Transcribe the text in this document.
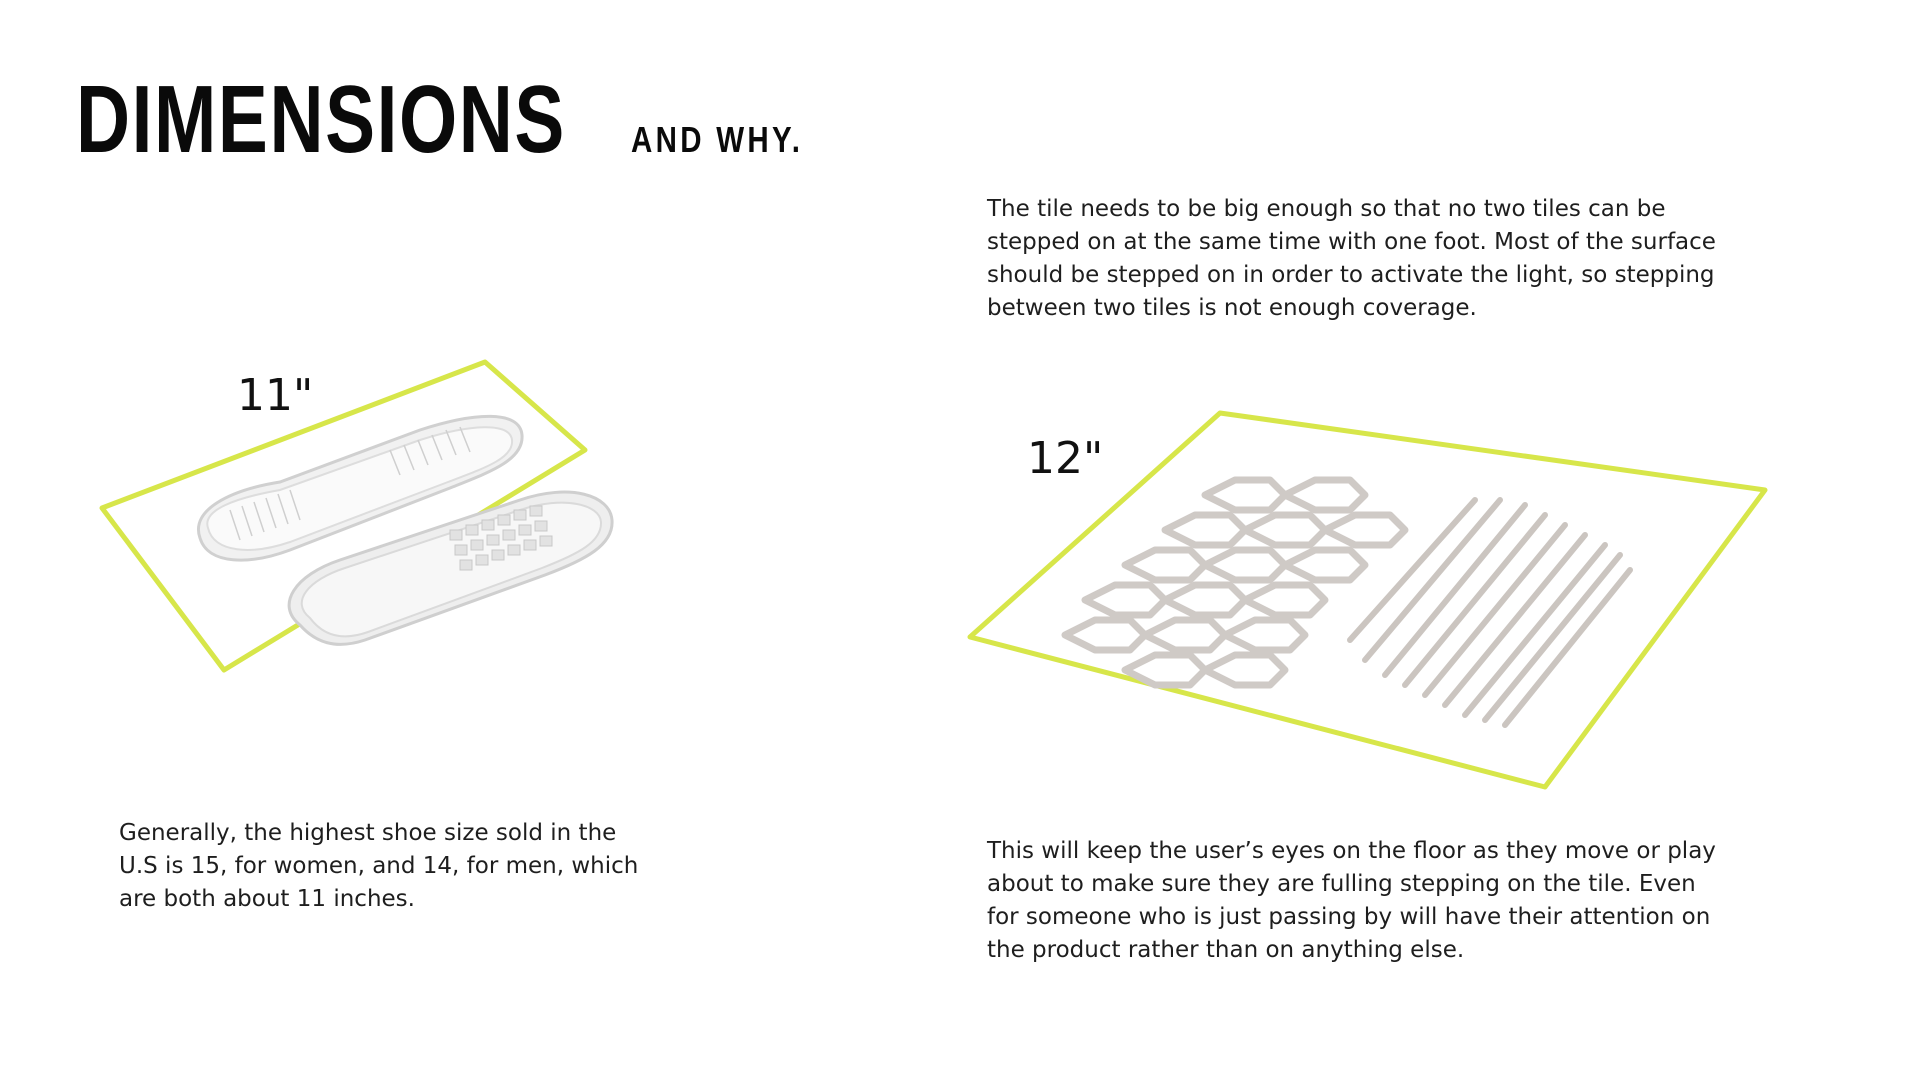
DIMENSIONS AND WHY.

The tile needs to be big enough so that no two tiles can be stepped on at the same time with one foot. Most of the surface should be stepped on in order to activate the light, so stepping between two tiles is not enough coverage.

11"

Generally, the highest shoe size sold in the U.S is 15, for women, and 14, for men, which are both about 11 inches.

12"

This will keep the user’s eyes on the floor as they move or play about to make sure they are fulling stepping on the tile. Even for someone who is just passing by will have their attention on the product rather than on anything else.
